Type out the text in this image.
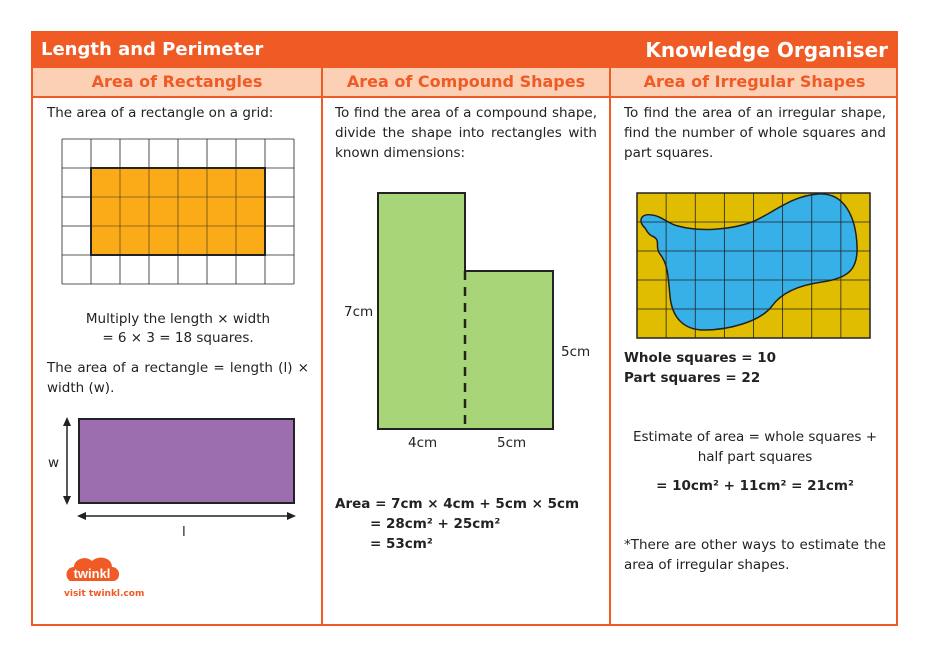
Length and Perimeter	Knowledge Organiser
Area of Rectangles	Area of Compound Shapes	Area of Irregular Shapes
The area of a rectangle on a grid:
Multiply the length × width
= 6 × 3 = 18 squares.
The area of a rectangle = length (l) × width (w).
w
l
twinkl
visit twinkl.com
To find the area of a compound shape, divide the shape into rectangles with known dimensions:
7cm
5cm
4cm	5cm
Area = 7cm × 4cm + 5cm × 5cm
= 28cm² + 25cm²
= 53cm²
To find the area of an irregular shape, find the number of whole squares and part squares.
Whole squares = 10
Part squares = 22
Estimate of area = whole squares +
half part squares
= 10cm² + 11cm² = 21cm²
*There are other ways to estimate the area of irregular shapes.
